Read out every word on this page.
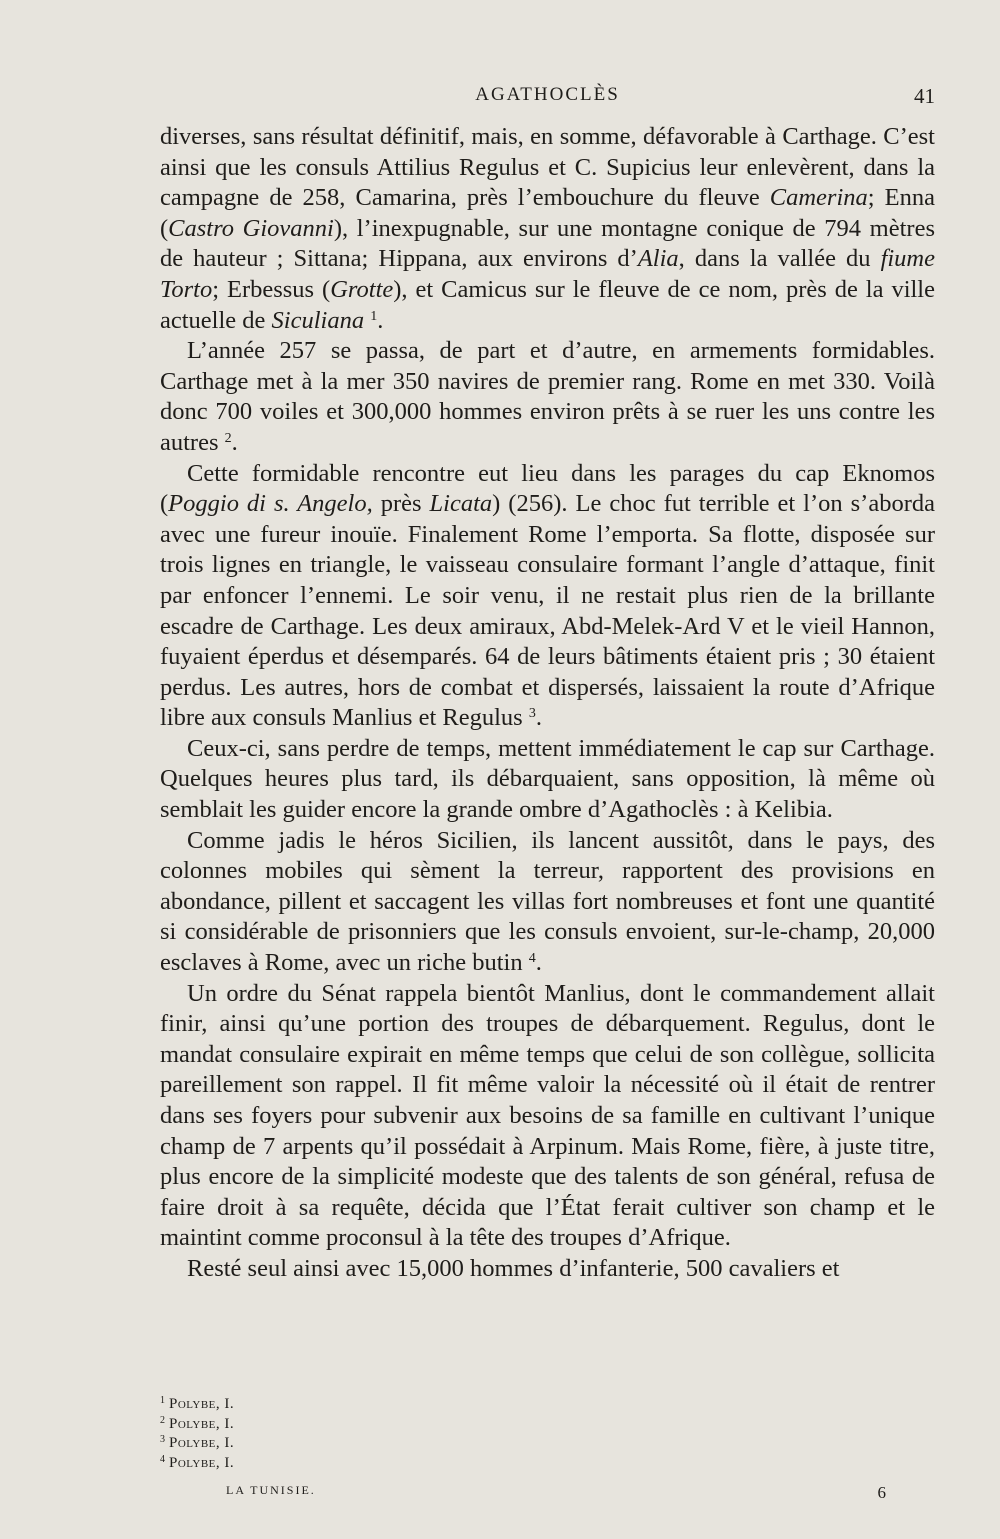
AGATHOCLÈS	41

diverses, sans résultat définitif, mais, en somme, défavorable à Carthage. C’est ainsi que les consuls Attilius Regulus et C. Supicius leur enlevèrent, dans la campagne de 258, Camarina, près l’embouchure du fleuve Camerina; Enna (Castro Giovanni), l’inexpugnable, sur une montagne conique de 794 mètres de hauteur ; Sittana; Hippana, aux environs d’Alia, dans la vallée du fiume Torto; Erbessus (Grotte), et Camicus sur le fleuve de ce nom, près de la ville actuelle de Siculiana $^1$.

L’année 257 se passa, de part et d’autre, en armements formidables. Carthage met à la mer 350 navires de premier rang. Rome en met 330. Voilà donc 700 voiles et 300,000 hommes environ prêts à se ruer les uns contre les autres $^2$.

Cette formidable rencontre eut lieu dans les parages du cap Eknomos (Poggio di s. Angelo, près Licata) (256). Le choc fut terrible et l’on s’aborda avec une fureur inouïe. Finalement Rome l’emporta. Sa flotte, disposée sur trois lignes en triangle, le vaisseau consulaire formant l’angle d’attaque, finit par enfoncer l’ennemi. Le soir venu, il ne restait plus rien de la brillante escadre de Carthage. Les deux amiraux, Abd-Melek-Ard V et le vieil Hannon, fuyaient éperdus et désemparés. 64 de leurs bâtiments étaient pris ; 30 étaient perdus. Les autres, hors de combat et dispersés, laissaient la route d’Afrique libre aux consuls Manlius et Regulus $^3$.

Ceux-ci, sans perdre de temps, mettent immédiatement le cap sur Carthage. Quelques heures plus tard, ils débarquaient, sans opposition, là même où semblait les guider encore la grande ombre d’Agathoclès : à Kelibia.

Comme jadis le héros Sicilien, ils lancent aussitôt, dans le pays, des colonnes mobiles qui sèment la terreur, rapportent des provisions en abondance, pillent et saccagent les villas fort nombreuses et font une quantité si considérable de prisonniers que les consuls envoient, sur-le-champ, 20,000 esclaves à Rome, avec un riche butin $^4$.

Un ordre du Sénat rappela bientôt Manlius, dont le commandement allait finir, ainsi qu’une portion des troupes de débarquement. Regulus, dont le mandat consulaire expirait en même temps que celui de son collègue, sollicita pareillement son rappel. Il fit même valoir la nécessité où il était de rentrer dans ses foyers pour subvenir aux besoins de sa famille en cultivant l’unique champ de 7 arpents qu’il possédait à Arpinum. Mais Rome, fière, à juste titre, plus encore de la simplicité modeste que des talents de son général, refusa de faire droit à sa requête, décida que l’État ferait cultiver son champ et le maintint comme proconsul à la tête des troupes d’Afrique.

Resté seul ainsi avec 15,000 hommes d’infanterie, 500 cavaliers et

$^1$ Polybe, I.
$^2$ Polybe, I.
$^3$ Polybe, I.
$^4$ Polybe, I.
LA TUNISIE.	6
